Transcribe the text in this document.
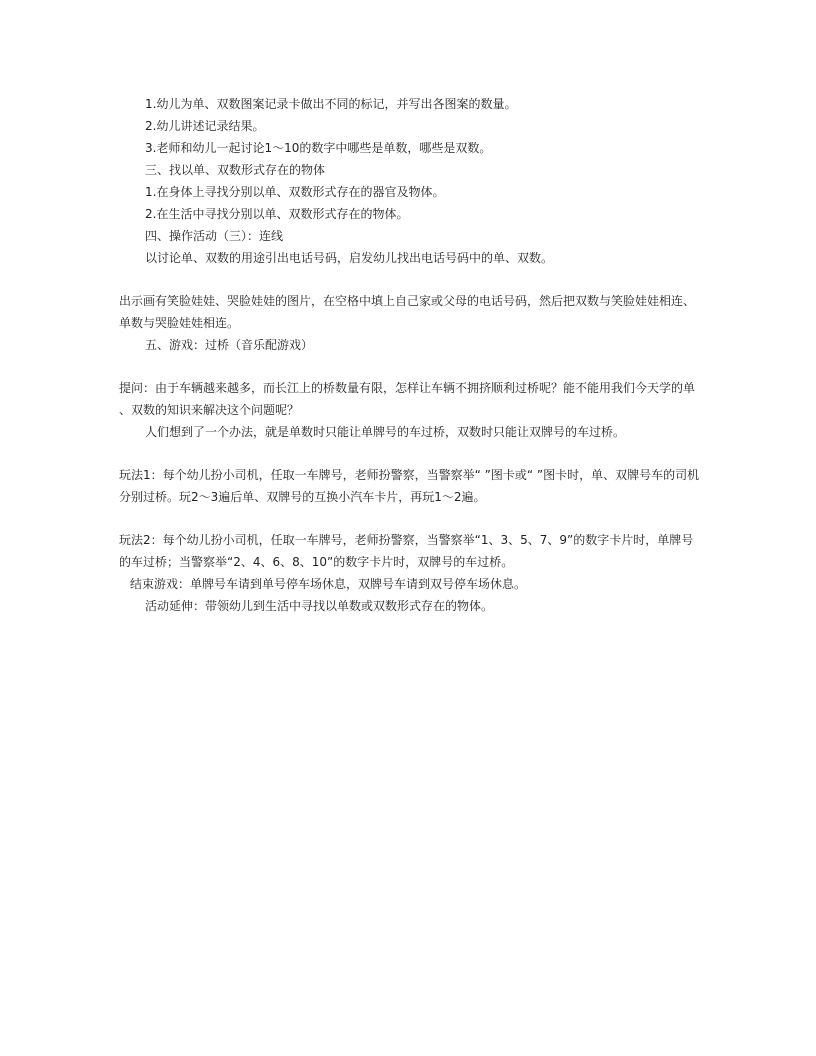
1.幼儿为单、双数图案记录卡做出不同的标记，并写出各图案的数量。
2.幼儿讲述记录结果。
3.老师和幼儿一起讨论1～10的数字中哪些是单数，哪些是双数。
三、找以单、双数形式存在的物体
1.在身体上寻找分别以单、双数形式存在的器官及物体。
2.在生活中寻找分别以单、双数形式存在的物体。
四、操作活动（三）：连线
以讨论单、双数的用途引出电话号码，启发幼儿找出电话号码中的单、双数。
出示画有笑脸娃娃、哭脸娃娃的图片，在空格中填上自己家或父母的电话号码，然后把双数与笑脸娃娃相连、
单数与哭脸娃娃相连。
五、游戏：过桥（音乐配游戏）
提问：由于车辆越来越多，而长江上的桥数量有限，怎样让车辆不拥挤顺利过桥呢？能不能用我们今天学的单
、双数的知识来解决这个问题呢？
人们想到了一个办法，就是单数时只能让单牌号的车过桥，双数时只能让双牌号的车过桥。
玩法1：每个幼儿扮小司机，任取一车牌号，老师扮警察，当警察举“ ”图卡或“ ”图卡时，单、双牌号车的司机
分别过桥。玩2～3遍后单、双牌号的互换小汽车卡片，再玩1～2遍。
玩法2：每个幼儿扮小司机，任取一车牌号，老师扮警察，当警察举“1、3、5、7、9”的数字卡片时，单牌号
的车过桥；当警察举“2、4、6、8、10”的数字卡片时，双牌号的车过桥。
结束游戏：单牌号车请到单号停车场休息，双牌号车请到双号停车场休息。
活动延伸：带领幼儿到生活中寻找以单数或双数形式存在的物体。
